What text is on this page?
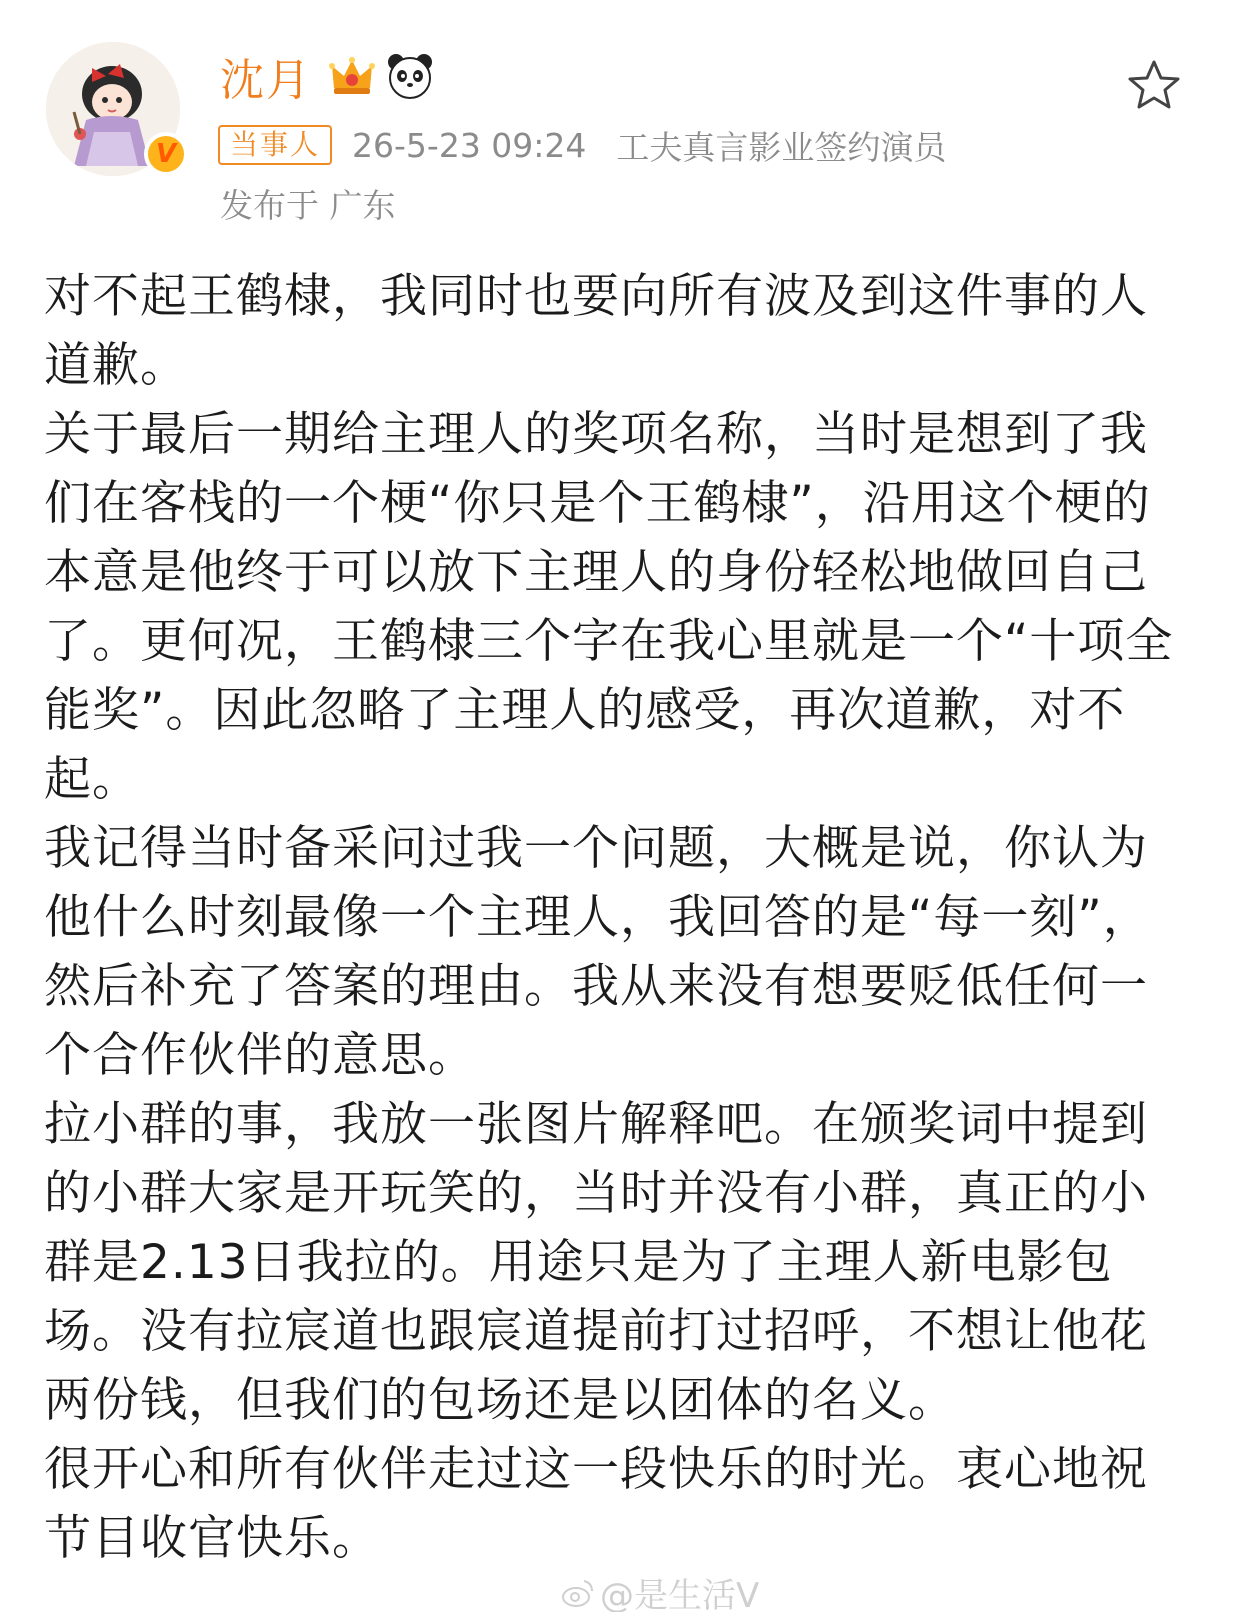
V
沈月
当事人 26-5-23 09:24 工夫真言影业签约演员
发布于 广东

对不起王鹤棣，我同时也要向所有波及到这件事的人道歉。

关于最后一期给主理人的奖项名称，当时是想到了我们在客栈的一个梗“你只是个王鹤棣”，沿用这个梗的本意是他终于可以放下主理人的身份轻松地做回自己了。更何况，王鹤棣三个字在我心里就是一个“十项全能奖”。因此忽略了主理人的感受，再次道歉，对不起。

我记得当时备采问过我一个问题，大概是说，你认为他什么时刻最像一个主理人，我回答的是“每一刻”，然后补充了答案的理由。我从来没有想要贬低任何一个合作伙伴的意思。

拉小群的事，我放一张图片解释吧。在颁奖词中提到的小群大家是开玩笑的，当时并没有小群，真正的小群是2.13日我拉的。用途只是为了主理人新电影包场。没有拉宸道也跟宸道提前打过招呼，不想让他花两份钱，但我们的包场还是以团体的名义。

很开心和所有伙伴走过这一段快乐的时光。衷心地祝节目收官快乐。

@是生活V
